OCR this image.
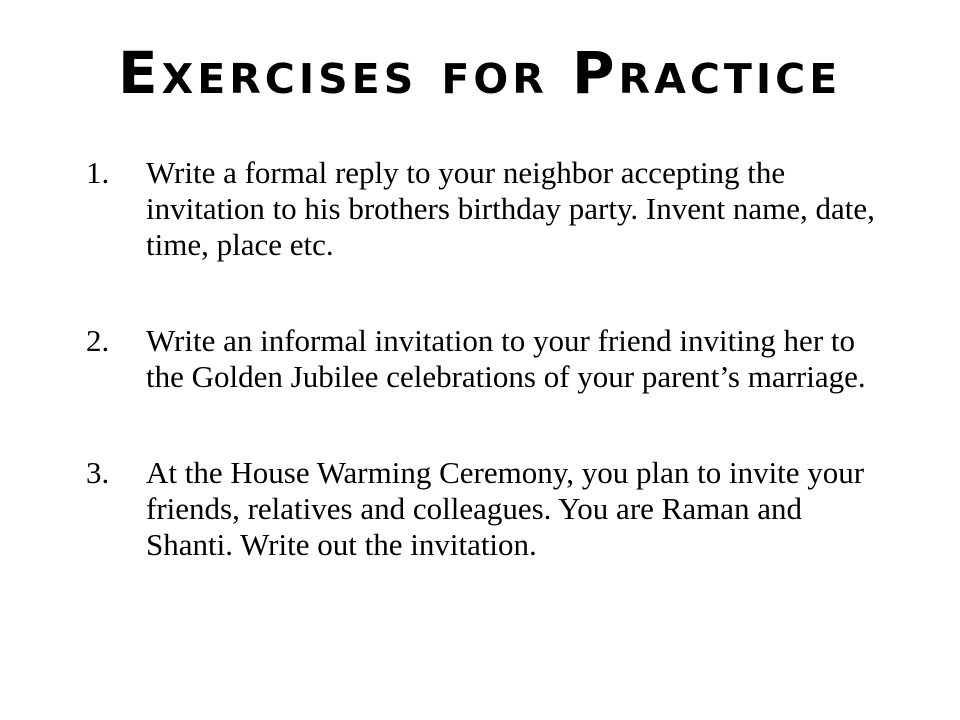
Exercises for Practice
1. Write a formal reply to your neighbor accepting the invitation to his brothers birthday party. Invent name, date, time, place etc.
2. Write an informal invitation to your friend inviting her to the Golden Jubilee celebrations of your parent’s marriage.
3. At the House Warming Ceremony, you plan to invite your friends, relatives and colleagues. You are Raman and Shanti. Write out the invitation.
